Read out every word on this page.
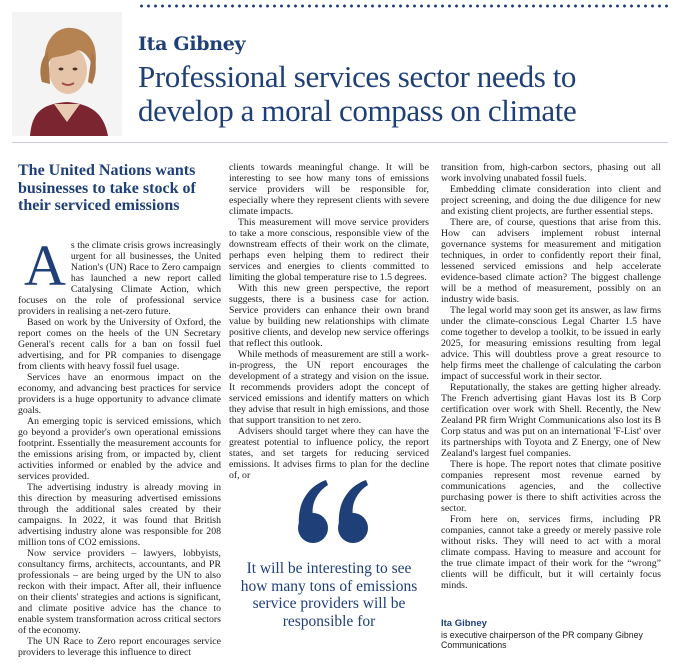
Ita Gibney
Professional services sector needs to develop a moral compass on climate
The United Nations wants businesses to take stock of their serviced emissions

As the climate crisis grows increasingly urgent for all businesses, the United Nation's (UN) Race to Zero campaign has launched a new report called Catalysing Climate Action, which focuses on the role of professional service providers in realising a net-zero future.

Based on work by the University of Oxford, the report comes on the heels of the UN Secretary General's recent calls for a ban on fossil fuel advertising, and for PR companies to disengage from clients with heavy fossil fuel usage.

Services have an enormous impact on the economy, and advancing best practices for service providers is a huge opportunity to advance climate goals.

An emerging topic is serviced emissions, which go beyond a provider's own operational emissions footprint. Essentially the measurement accounts for the emissions arising from, or impacted by, client activities informed or enabled by the advice and services provided.

The advertising industry is already moving in this direction by measuring advertised emissions through the additional sales created by their campaigns. In 2022, it was found that British advertising industry alone was responsible for 208 million tons of CO2 emissions.

Now service providers – lawyers, lobbyists, consultancy firms, architects, accountants, and PR professionals – are being urged by the UN to also reckon with their impact. After all, their influence on their clients' strategies and actions is significant, and climate positive advice has the chance to enable system transformation across critical sectors of the economy.

The UN Race to Zero report encourages service providers to leverage this influence to direct

clients towards meaningful change. It will be interesting to see how many tons of emissions service providers will be responsible for, especially where they represent clients with severe climate impacts.

This measurement will move service providers to take a more conscious, responsible view of the downstream effects of their work on the climate, perhaps even helping them to redirect their services and energies to clients committed to limiting the global temperature rise to 1.5 degrees.

With this new green perspective, the report suggests, there is a business case for action. Service providers can enhance their own brand value by building new relationships with climate positive clients, and develop new service offerings that reflect this outlook.

While methods of measurement are still a work-in-progress, the UN report encourages the development of a strategy and vision on the issue. It recommends providers adopt the concept of serviced emissions and identify matters on which they advise that result in high emissions, and those that support transition to net zero.

Advisers should target where they can have the greatest potential to influence policy, the report states, and set targets for reducing serviced emissions. It advises firms to plan for the decline of, or

It will be interesting to see how many tons of emissions service providers will be responsible for

transition from, high-carbon sectors, phasing out all work involving unabated fossil fuels.

Embedding climate consideration into client and project screening, and doing the due diligence for new and existing client projects, are further essential steps.

There are, of course, questions that arise from this. How can advisers implement robust internal governance systems for measurement and mitigation techniques, in order to confidently report their final, lessened serviced emissions and help accelerate evidence-based climate action? The biggest challenge will be a method of measurement, possibly on an industry wide basis.

The legal world may soon get its answer, as law firms under the climate-conscious Legal Charter 1.5 have come together to develop a toolkit, to be issued in early 2025, for measuring emissions resulting from legal advice. This will doubtless prove a great resource to help firms meet the challenge of calculating the carbon impact of successful work in their sector.

Reputationally, the stakes are getting higher already. The French advertising giant Havas lost its B Corp certification over work with Shell. Recently, the New Zealand PR firm Wright Communications also lost its B Corp status and was put on an international 'F-List' over its partnerships with Toyota and Z Energy, one of New Zealand's largest fuel companies.

There is hope. The report notes that climate positive companies represent most revenue earned by communications agencies, and the collective purchasing power is there to shift activities across the sector.

From here on, services firms, including PR companies, cannot take a greedy or merely passive role without risks. They will need to act with a moral climate compass. Having to measure and account for the true climate impact of their work for the “wrong” clients will be difficult, but it will certainly focus minds.

Ita Gibney
is executive chairperson of the PR company Gibney Communications
